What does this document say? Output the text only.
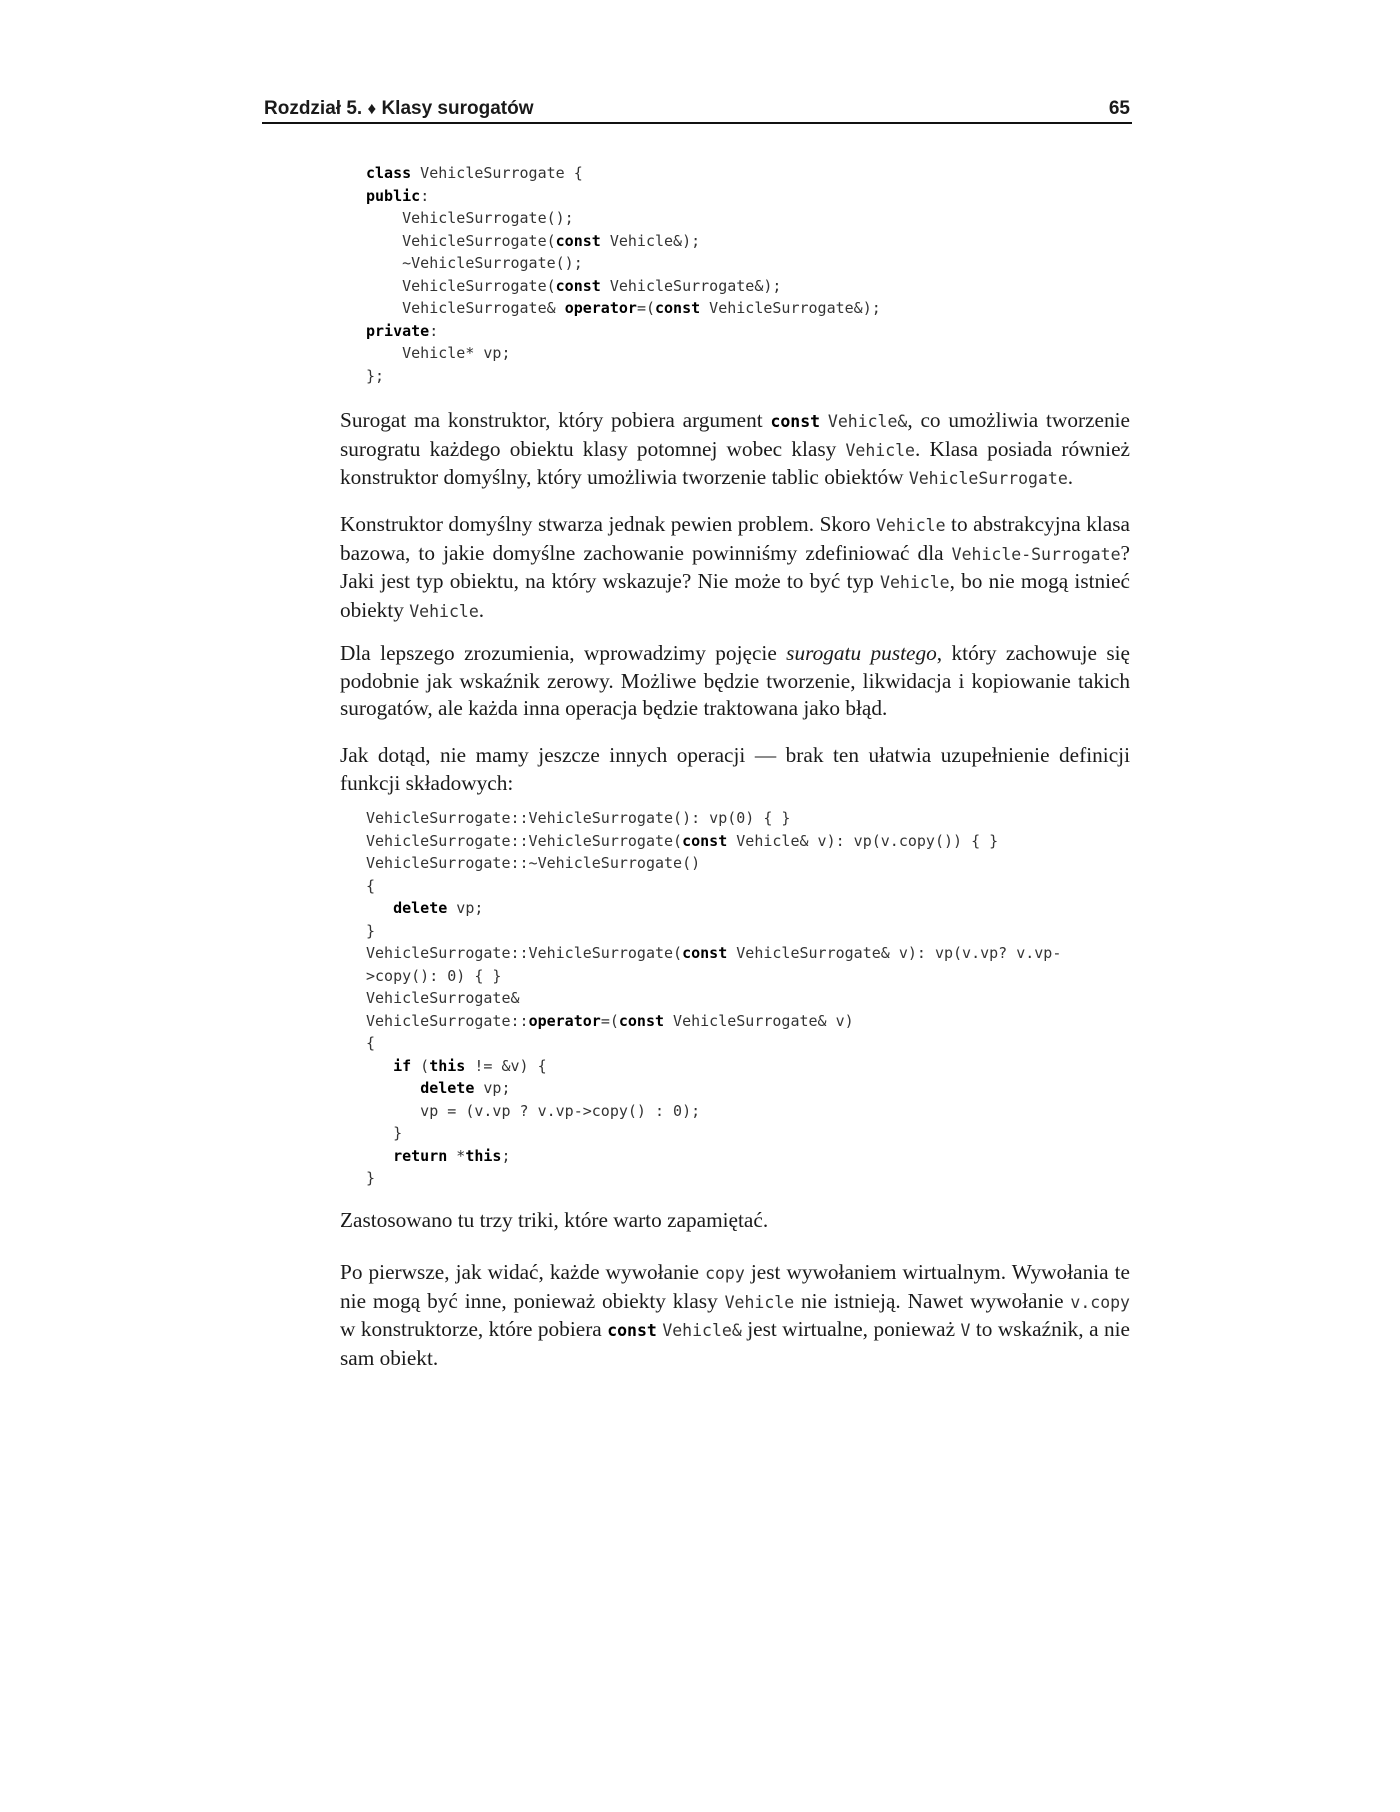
Rozdział 5. ♦ Klasy surogatów	65
class VehicleSurrogate {
public:
VehicleSurrogate();
VehicleSurrogate(const Vehicle&);
~VehicleSurrogate();
VehicleSurrogate(const VehicleSurrogate&);
VehicleSurrogate& operator=(const VehicleSurrogate&);
private:
Vehicle* vp;
};

Surogat ma konstruktor, który pobiera argument const Vehicle&, co umożliwia tworzenie surogratu każdego obiektu klasy potomnej wobec klasy Vehicle. Klasa posiada również konstruktor domyślny, który umożliwia tworzenie tablic obiektów VehicleSurrogate.

Konstruktor domyślny stwarza jednak pewien problem. Skoro Vehicle to abstrakcyjna klasa bazowa, to jakie domyślne zachowanie powinniśmy zdefiniować dla Vehicle-Surrogate? Jaki jest typ obiektu, na który wskazuje? Nie może to być typ Vehicle, bo nie mogą istnieć obiekty Vehicle.

Dla lepszego zrozumienia, wprowadzimy pojęcie surogatu pustego, który zachowuje się podobnie jak wskaźnik zerowy. Możliwe będzie tworzenie, likwidacja i kopiowanie takich surogatów, ale każda inna operacja będzie traktowana jako błąd.

Jak dotąd, nie mamy jeszcze innych operacji — brak ten ułatwia uzupełnienie definicji funkcji składowych:

VehicleSurrogate::VehicleSurrogate(): vp(0) { }
VehicleSurrogate::VehicleSurrogate(const Vehicle& v): vp(v.copy()) { }
VehicleSurrogate::~VehicleSurrogate()
{
delete vp;
}
VehicleSurrogate::VehicleSurrogate(const VehicleSurrogate& v): vp(v.vp? v.vp-
>copy(): 0) { }
VehicleSurrogate&
VehicleSurrogate::operator=(const VehicleSurrogate& v)
{
if (this != &v) {
delete vp;
vp = (v.vp ? v.vp->copy() : 0);
}
return *this;
}

Zastosowano tu trzy triki, które warto zapamiętać.

Po pierwsze, jak widać, każde wywołanie copy jest wywołaniem wirtualnym. Wywołania te nie mogą być inne, ponieważ obiekty klasy Vehicle nie istnieją. Nawet wywołanie v.copy w konstruktorze, które pobiera const Vehicle& jest wirtualne, ponieważ V to wskaźnik, a nie sam obiekt.
